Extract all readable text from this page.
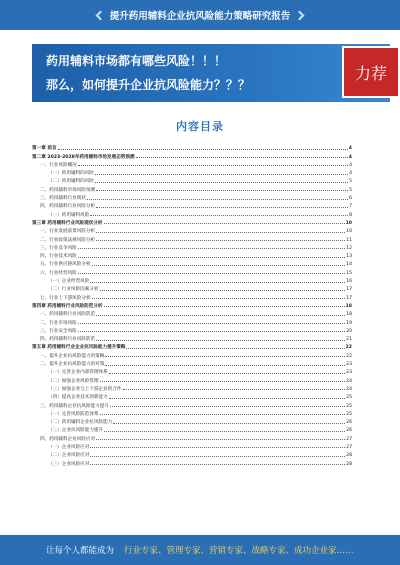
提升药用辅料企业抗风险能力策略研究报告
药用辅料市场都有哪些风险！！！
那么，如何提升企业抗风险能力？？？
力荐
内容目录
第一章 前言	4
第二章 2023-2028年药用辅料市场发展态势预测	4
一、行业风险概况	4
（一）药用辅料的风险	4
（二）药用辅料的风险	5
二、药用辅料市场风险预测	5
三、药用辅料行业现状	6
四、药用辅料行业风险分析	7
（一）药用辅料风险	8
第三章 药用辅料行业风险现状分析	10
一、行业发展前景风险分析	10
二、行业政策法规风险分析	11
三、行业竞争风险	12
四、行业技术风险	13
五、行业供应链风险分析	14
六、行业经营风险	15
（一）企业经营风险	16
（二）行业风险因素分析	17
七、行业上下游风险分析	17
第四章 药用辅料行业风险防范分析	18
一、药用辅料行业风险防范	18
二、行业市场风险	19
三、行业安全风险	20
四、药用辅料行业风险防范	21
第五章 药用辅料行业企业抗风险能力提升策略	22
一、提升企业抗风险能力的策略	22
二、提升企业抗风险能力的对策	23
（一）完善企业内部管理体系	23
（二）加强企业风险管理	24
（三）加强企业与上下游企业的合作	24
（四）提高企业技术创新能力	25
三、药用辅料企业抗风险能力提升	25
（一）完善风险防范体系	25
（二）药用辅料企业抗风险能力	26
（三）企业抗风险能力提升	26
四、药用辅料企业风险应对	27
（一）企业风险应对	27
（二）企业风险应对	28
（三）企业风险应对	28
让每个人都能成为 行业专家、管理专家、营销专家、战略专家、成功企业家……
